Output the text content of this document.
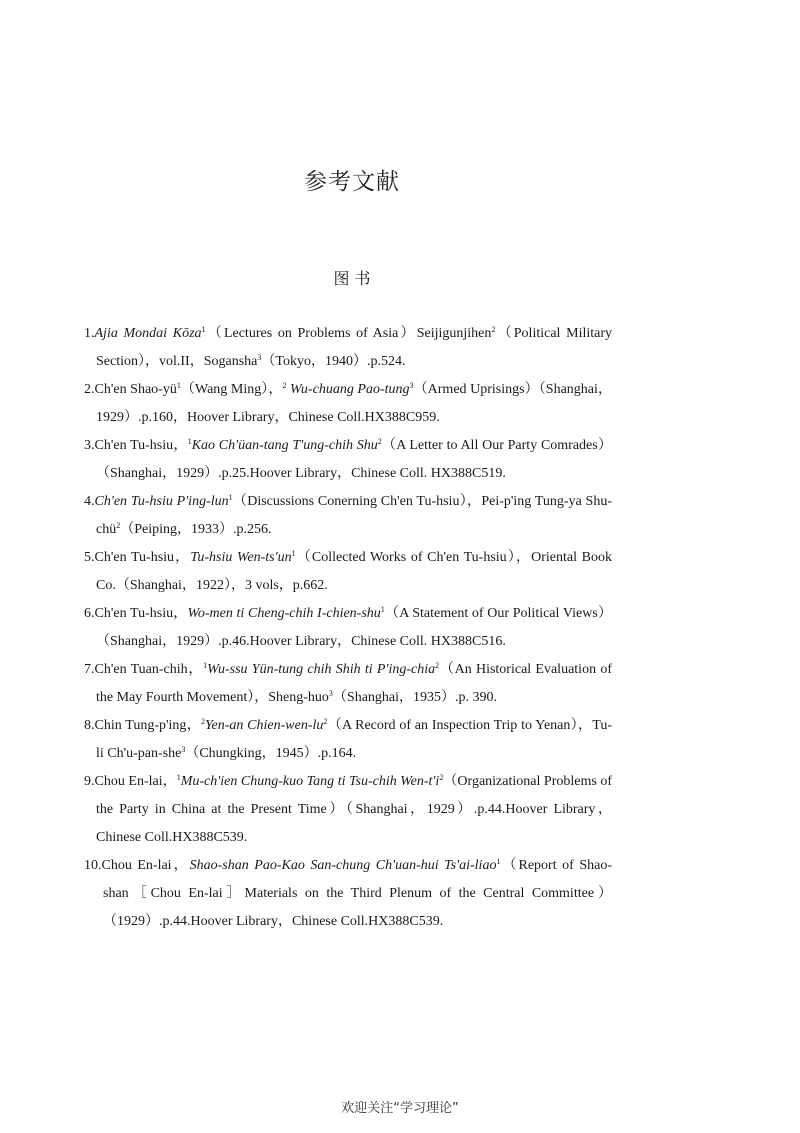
参考文献
图 书

1.Ajia Mondai Kōza$^1$（Lectures on Problems of Asia）Seijigunjihen$^2$（Political Military Section），vol.II，Sogansha$^3$（Tokyo，1940）.p.524.

2.Ch'en Shao-$yü^1(Wang$ Ming），$^2$ Wu-chuang Pao-tung$^3$（Armed Uprisings）（Shanghai，1929）.p.160，Hoover Library，Chinese Coll.HX388C959.

3.Ch'en Tu-hsiu，$^1$Kao Ch'üan-tang T'ung-chih Shu$^2$（A Letter to All Our Party Comrades）（Shanghai，1929）.p.25.Hoover Library，Chinese Coll. HX388C519.

4.Ch'en Tu-hsiu P'ing-lun$^1$（Discussions Conerning Ch'en Tu-hsiu），Pei-p'ing Tung-ya Shu-chü$^2$（Peiping，1933）.p.256.

5.Ch'en Tu-hsiu，Tu-hsiu Wen-$ts'un^1(Collected$ Works of Ch'en Tu-hsiu），Oriental Book Co.（Shanghai，1922），3 vols，p.662.

6.Ch'en Tu-hsiu，Wo-men ti Cheng-chih I-chien-shu$^1$（A Statement of Our Political Views）（Shanghai，1929）.p.46.Hoover Library，Chinese Coll. HX388C516.

7.Ch'en Tuan-chih，$^1$Wu-ssu Yün-tung chih Shih ti P'ing-chia$^2$（An Historical Evaluation of the May Fourth Movement），Sheng-huo$^3$（Shanghai，1935）.p. 390.

8.Chin Tung-p'ing，$^2$Yen-an Chien-$wen-lu^2(A$ Record of an Inspection Trip to Yenan），Tu-li Ch'u-pan-she$^3$（Chungking，1945）.p.164.

9.Chou En-lai，$^1$Mu-ch'ien Chung-kuo Tang ti Tsu-chih Wen-$t'i^2(Organizational$ Problems of the Party in China at the Present Time）（Shanghai，1929）.p.44.Hoover Library，Chinese Coll.HX388C539.

10.Chou En-lai，Shao-shan Pao-Kao San-chung Ch'uan-hui Ts'ai-liao$^1$（Report of Shao-shan［Chou En-lai］Materials on the Third Plenum of the Central Committee）（1929）.p.44.Hoover Library，Chinese Coll.HX388C539.

欢迎关注“学习理论”
